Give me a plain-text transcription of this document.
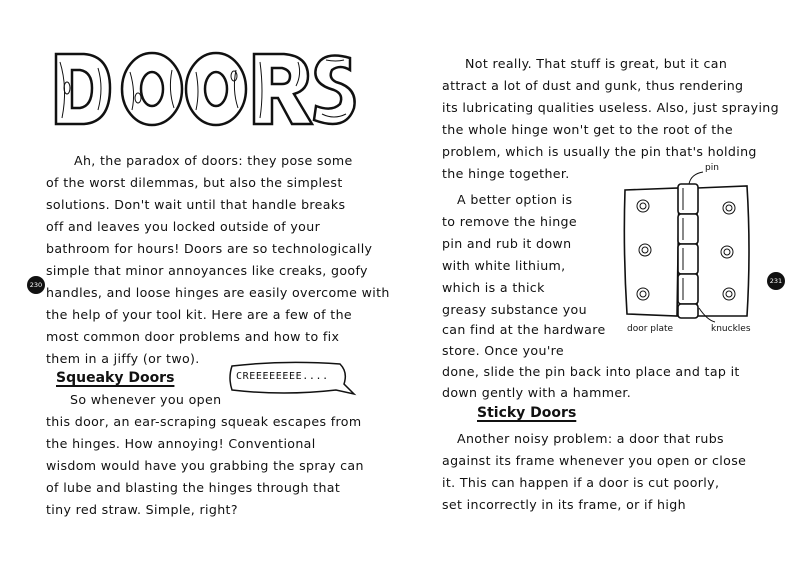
Ah, the paradox of doors: they pose some
of the worst dilemmas, but also the simplest
solutions. Don't wait until that handle breaks
off and leaves you locked outside of your
bathroom for hours! Doors are so technologically
simple that minor annoyances like creaks, goofy
handles, and loose hinges are easily overcome with
the help of your tool kit. Here are a few of the
most common door problems and how to fix
them in a jiffy (or two).
Squeaky Doors	CREEEEEEEE....
So whenever you open
this door, an ear-scraping squeak escapes from
the hinges. How annoying! Conventional
wisdom would have you grabbing the spray can
of lube and blasting the hinges through that
tiny red straw. Simple, right?
230
Not really. That stuff is great, but it can
attract a lot of dust and gunk, thus rendering
its lubricating qualities useless. Also, just spraying
the whole hinge won't get to the root of the
problem, which is usually the pin that's holding
the hinge together.
A better option is
to remove the hinge
pin and rub it down
with white lithium,
which is a thick
greasy substance you
can find at the hardware
store. Once you're
done, slide the pin back into place and tap it
down gently with a hammer.
pin
door plate	knuckles
Sticky Doors
Another noisy problem: a door that rubs
against its frame whenever you open or close
it. This can happen if a door is cut poorly,
set incorrectly in its frame, or if high
231
